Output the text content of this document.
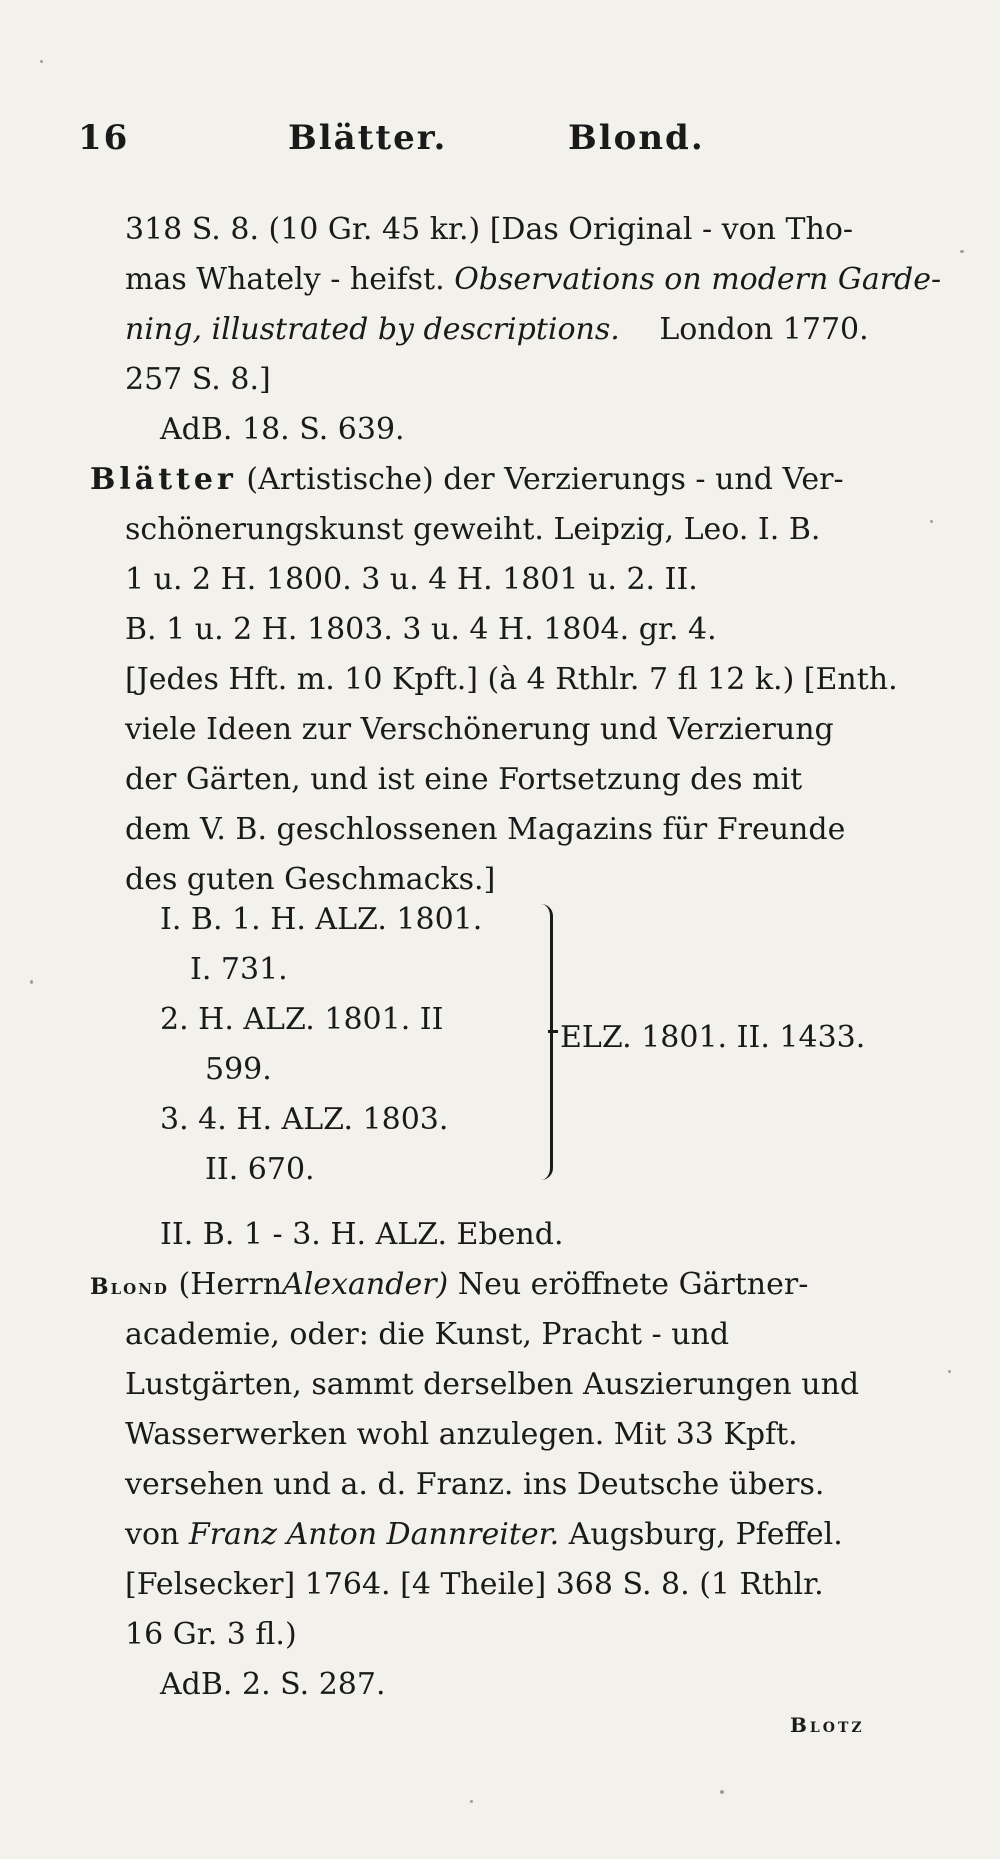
16	Blätter.	Blond.
318 S. 8. (10 Gr. 45 kr.) [Das Original - von Tho-
mas Whately - heifst. Observations on modern Garde-
ning, illustrated by descriptions. London 1770.
257 S. 8.]
AdB. 18. S. 639.
Blätter (Artistische) der Verzierungs - und Ver-
schönerungskunst geweiht. Leipzig, Leo. I. B.
1 u. 2 H. 1800. 3 u. 4 H. 1801 u. 2. II.
B. 1 u. 2 H. 1803. 3 u. 4 H. 1804. gr. 4.
[Jedes Hft. m. 10 Kpft.] (à 4 Rthlr. 7 fl 12 k.) [Enth.
viele Ideen zur Verschönerung und Verzierung
der Gärten, und ist eine Fortsetzung des mit
dem V. B. geschlossenen Magazins für Freunde
des guten Geschmacks.]
I. B. 1. H. ALZ. 1801.
I. 731.
2. H. ALZ. 1801. II
599.
3. 4. H. ALZ. 1803.
II. 670.
ELZ. 1801. II. 1433.
II. B. 1 - 3. H. ALZ. Ebend.
Blond (HerrnAlexander) Neu eröffnete Gärtner-
academie, oder: die Kunst, Pracht - und
Lustgärten, sammt derselben Auszierungen und
Wasserwerken wohl anzulegen. Mit 33 Kpft.
versehen und a. d. Franz. ins Deutsche übers.
von Franz Anton Dannreiter. Augsburg, Pfeffel.
[Felsecker] 1764. [4 Theile] 368 S. 8. (1 Rthlr.
16 Gr. 3 fl.)
AdB. 2. S. 287.
Blotz
